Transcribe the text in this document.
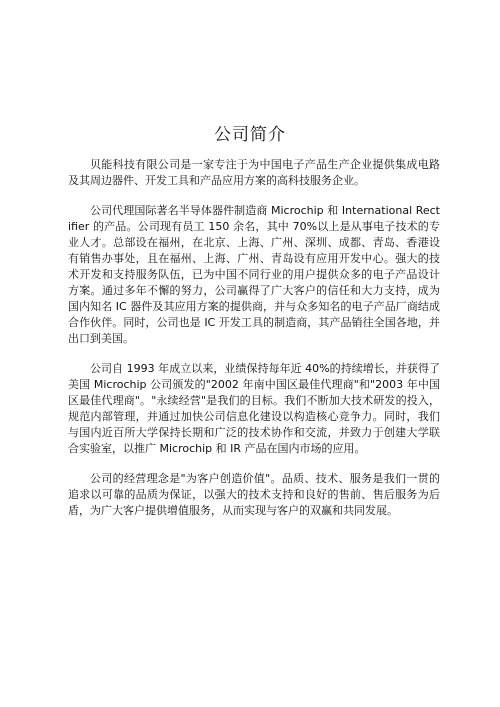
公司简介

贝能科技有限公司是一家专注于为中国电子产品生产企业提供集成电路及其周边器件、开发工具和产品应用方案的高科技服务企业。

公司代理国际著名半导体器件制造商 Microchip 和 International Rectifier 的产品。公司现有员工 150 余名，其中 70%以上是从事电子技术的专业人才。总部设在福州，在北京、上海、广州、深圳、成都、青岛、香港设有销售办事处，且在福州、上海、广州、青岛设有应用开发中心。强大的技术开发和支持服务队伍，已为中国不同行业的用户提供众多的电子产品设计方案。通过多年不懈的努力，公司赢得了广大客户的信任和大力支持，成为国内知名 IC 器件及其应用方案的提供商，并与众多知名的电子产品厂商结成合作伙伴。同时，公司也是 IC 开发工具的制造商，其产品销往全国各地，并出口到美国。

公司自 1993 年成立以来，业绩保持每年近 40%的持续增长，并获得了美国 Microchip 公司颁发的"2002 年南中国区最佳代理商"和"2003 年中国区最佳代理商"。"永续经营"是我们的目标。我们不断加大技术研发的投入，规范内部管理，并通过加快公司信息化建设以构造核心竞争力。同时，我们与国内近百所大学保持长期和广泛的技术协作和交流，并致力于创建大学联合实验室，以推广 Microchip 和 IR 产品在国内市场的应用。

公司的经营理念是"为客户创造价值"。品质、技术、服务是我们一贯的追求以可靠的品质为保证，以强大的技术支持和良好的售前、售后服务为后盾，为广大客户提供增值服务，从而实现与客户的双赢和共同发展。
